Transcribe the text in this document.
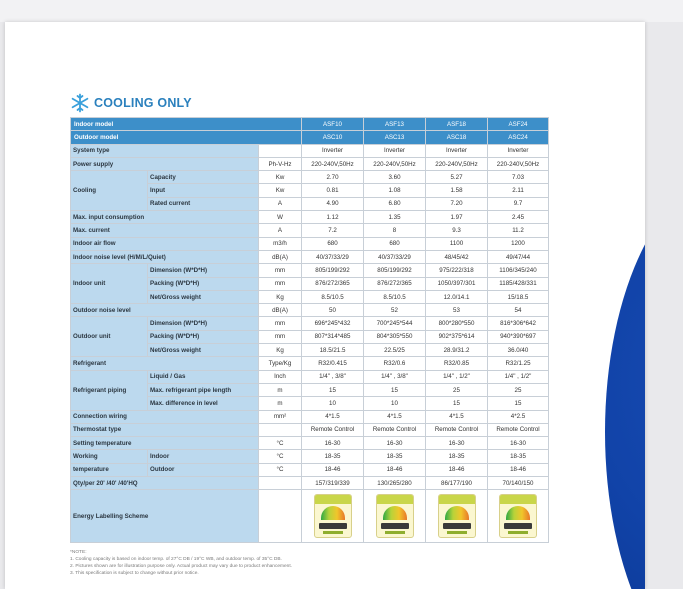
COOLING ONLY
Indoor model			ASF10	ASF13	ASF18	ASF24
Outdoor model			ASC10	ASC13	ASC18	ASC24
System type			Inverter	Inverter	Inverter	Inverter
Power supply		Ph-V-Hz	220-240V,50Hz	220-240V,50Hz	220-240V,50Hz	220-240V,50Hz
Cooling	Capacity	Kw	2.70	3.60	5.27	7.03
	Input	Kw	0.81	1.08	1.58	2.11
	Rated current	A	4.90	6.80	7.20	9.7
Max. input consumption		W	1.12	1.35	1.97	2.45
Max. current		A	7.2	8	9.3	11.2
Indoor air flow		m3/h	680	680	1100	1200
Indoor noise level (H/M/L/Quiet)		dB(A)	40/37/33/29	40/37/33/29	48/45/42	49/47/44
Indoor unit	Dimension (W*D*H)	mm	805/199/292	805/199/292	975/222/318	1106/345/240
	Packing (W*D*H)	mm	876/272/365	876/272/365	1050/397/301	1185/428/331
	Net/Gross weight	Kg	8.5/10.5	8.5/10.5	12.0/14.1	15/18.5
Outdoor noise level		dB(A)	50	52	53	54
Outdoor unit	Dimension (W*D*H)	mm	696*245*432	700*245*544	800*280*550	816*306*642
	Packing (W*D*H)	mm	807*314*485	804*305*550	902*375*614	940*390*697
	Net/Gross weight	Kg	18.5/21.5	22.5/25	28.9/31.2	36.0/40
Refrigerant		Type/Kg	R32/0.415	R32/0.6	R32/0.85	R32/1.25
Refrigerant piping	Liquid / Gas	Inch	1/4" , 3/8"	1/4" , 3/8"	1/4" , 1/2"	1/4" , 1/2"
	Max. refrigerant pipe length	m	15	15	25	25
	Max. difference in level	m	10	10	15	15
Connection wiring		mm²	4*1.5	4*1.5	4*1.5	4*2.5
Thermostat type			Remote Control	Remote Control	Remote Control	Remote Control
Setting temperature		°C	16-30	16-30	16-30	16-30
Working	Indoor	°C	18-35	18-35	18-35	18-35
temperature	Outdoor	°C	18-46	18-46	18-46	18-46
Qty/per 20' /40' /40'HQ			157/319/339	130/265/280	86/177/190	70/140/150
Energy Labelling Scheme			

*NOTE:
1. Cooling capacity is based on indoor temp. of 27°C DB / 19°C WB, and outdoor temp. of 35°C DB.
2. Pictures shown are for illustration purpose only. Actual product may vary due to product enhancement.
3. This specification is subject to change without prior notice.
